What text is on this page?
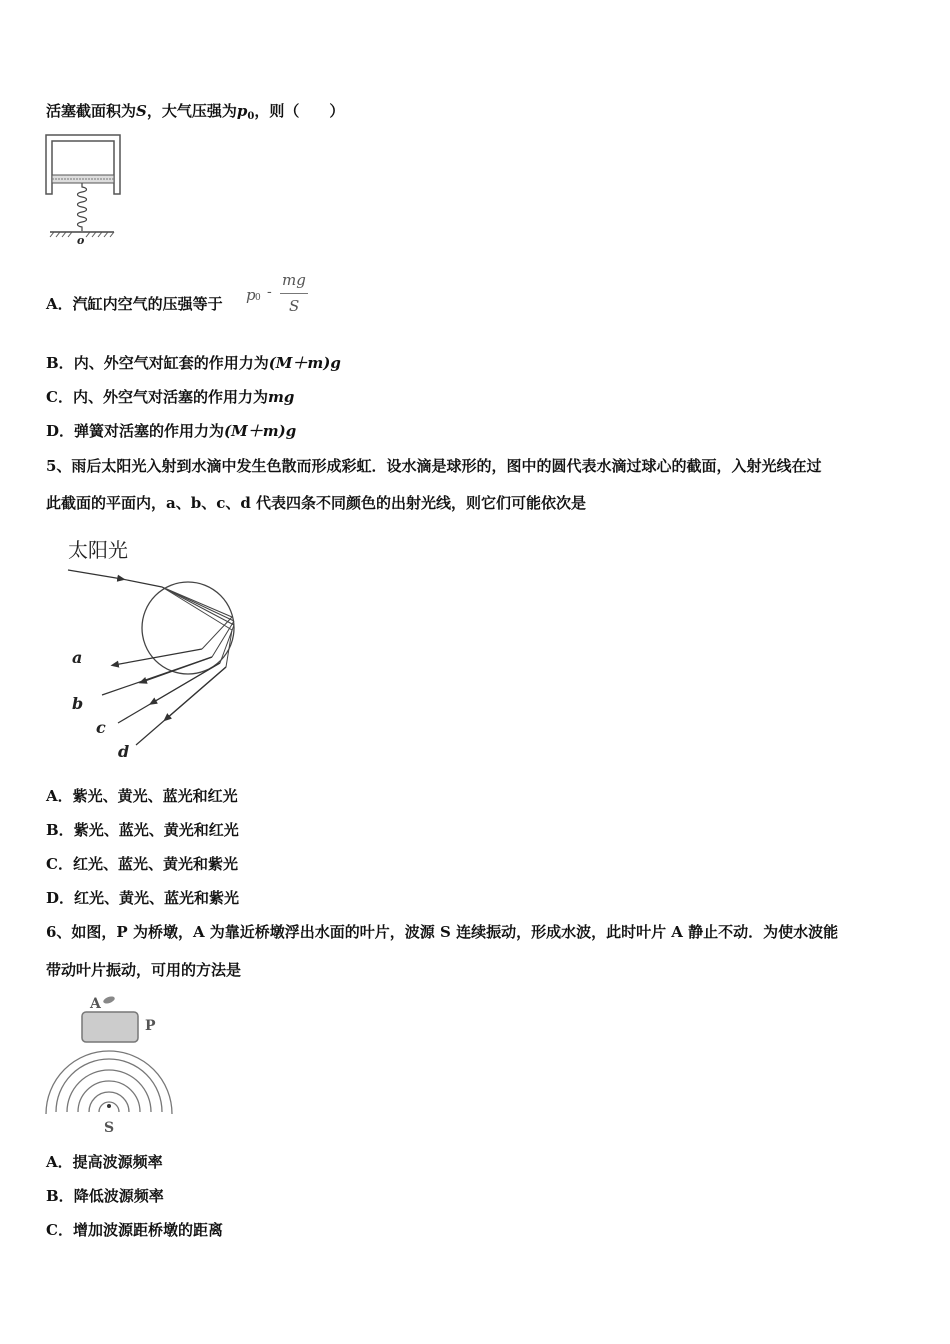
活塞截面积为S，大气压强为$p_0$，则（　　）
o
A．汽缸内空气的压强等于 p 0 -
mg
S
B．内、外空气对缸套的作用力为(M＋m)g
C．内、外空气对活塞的作用力为mg
D．弹簧对活塞的作用力为(M＋m)g
5、雨后太阳光入射到水滴中发生色散而形成彩虹．设水滴是球形的，图中的圆代表水滴过球心的截面，入射光线在过
此截面的平面内，a、b、c、d 代表四条不同颜色的出射光线，则它们可能依次是
太阳光
a
b
c
d
A．紫光、黄光、蓝光和红光
B．紫光、蓝光、黄光和红光
C．红光、蓝光、黄光和紫光
D．红光、黄光、蓝光和紫光
6、如图，P 为桥墩，A 为靠近桥墩浮出水面的叶片，波源 S 连续振动，形成水波，此时叶片 A 静止不动．为使水波能
带动叶片振动，可用的方法是
A
P
S
A．提高波源频率
B．降低波源频率
C．增加波源距桥墩的距离
